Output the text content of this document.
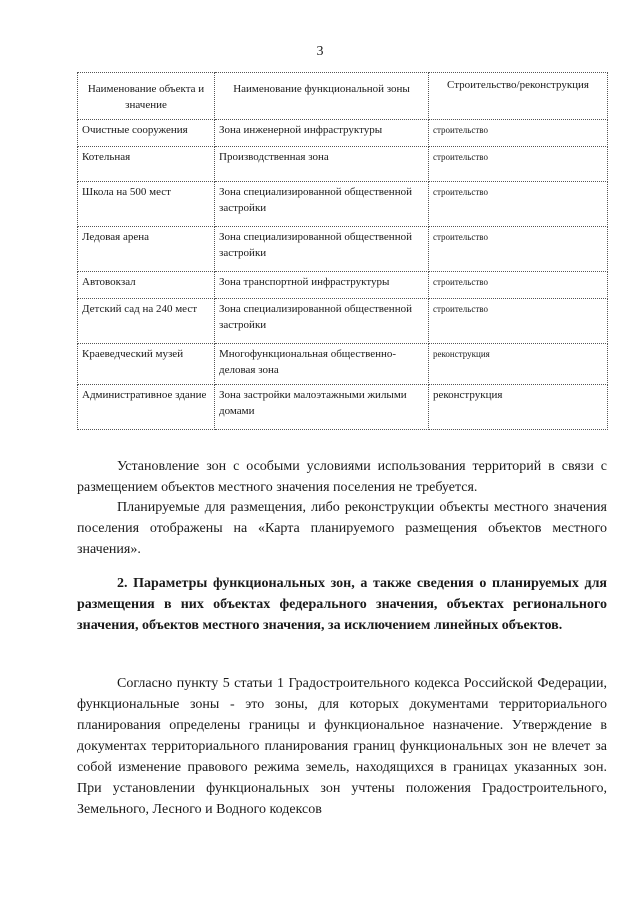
3
Наименование объекта и значение	Наименование функциональной зоны	Строительство/реконструкция
Очистные сооружения	Зона инженерной инфраструктуры	строительство
Котельная	Производственная зона	строительство
Школа на 500 мест	Зона специализированной общественной застройки	строительство
Ледовая арена	Зона специализированной общественной застройки	строительство
Автовокзал	Зона транспортной инфраструктуры	строительство
Детский сад на 240 мест	Зона специализированной общественной застройки	строительство
Краеведческий музей	Многофункциональная общественно-деловая зона	реконструкция
Административное здание	Зона застройки малоэтажными жилыми домами	реконструкция

Установление зон с особыми условиями использования территорий в связи с размещением объектов местного значения поселения не требуется.

Планируемые для размещения, либо реконструкции объекты местного значения поселения отображены на «Карта планируемого размещения объектов местного значения».

2. Параметры функциональных зон, а также сведения о планируемых для размещения в них объектах федерального значения, объектах регионального значения, объектов местного значения, за исключением линейных объектов.

Согласно пункту 5 статьи 1 Градостроительного кодекса Российской Федерации, функциональные зоны - это зоны, для которых документами территориального планирования определены границы и функциональное назначение. Утверждение в документах территориального планирования границ функциональных зон не влечет за собой изменение правового режима земель, находящихся в границах указанных зон. При установлении функциональных зон учтены положения Градостроительного, Земельного, Лесного и Водного кодексов
